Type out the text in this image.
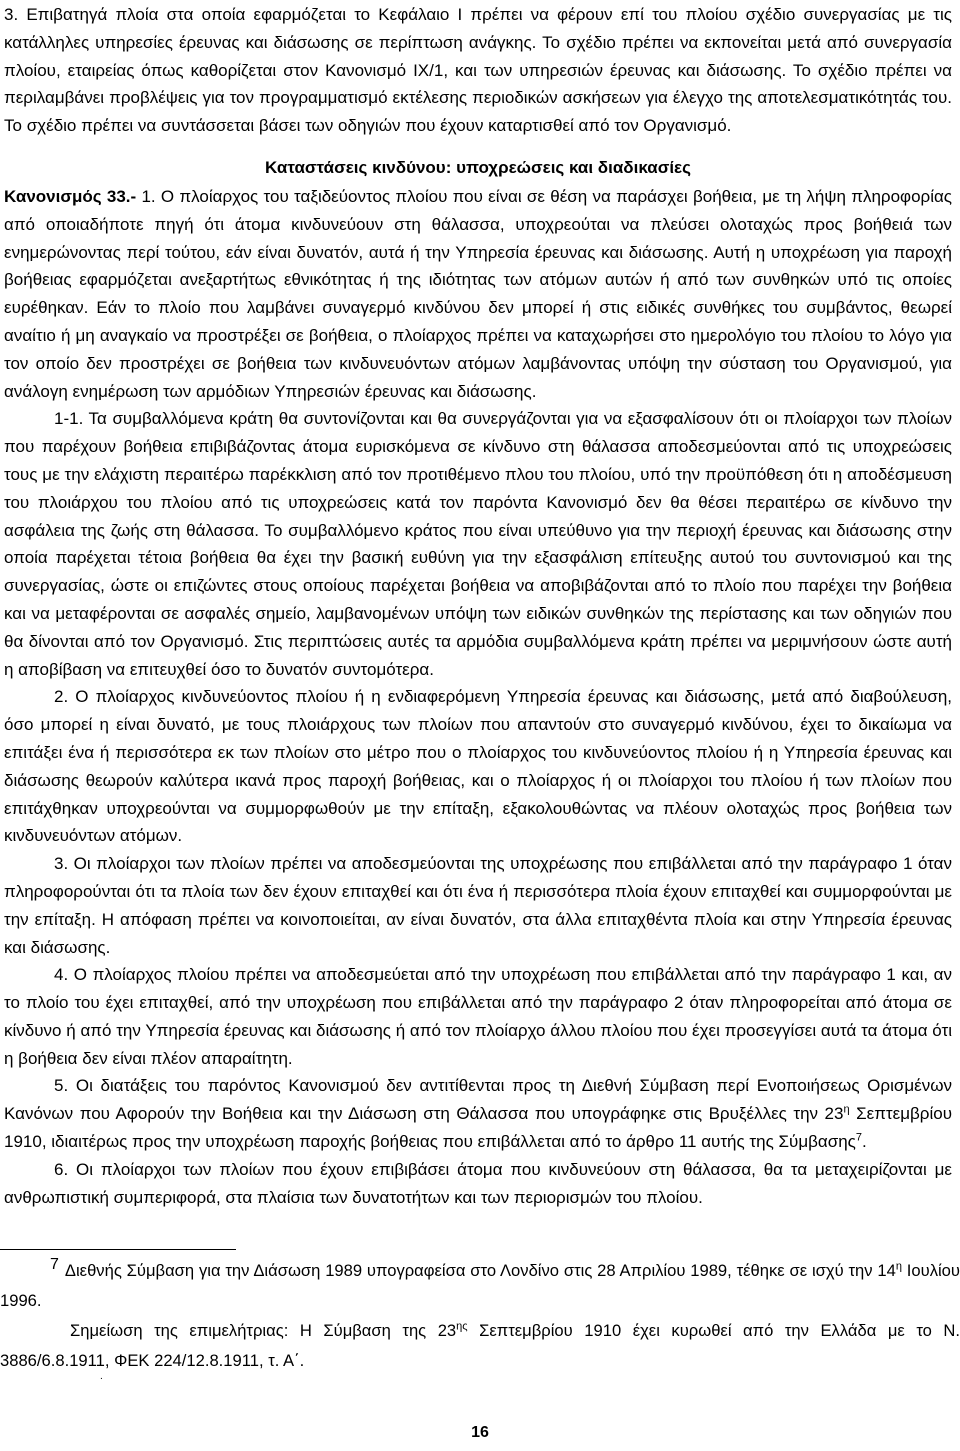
3. Επιβατηγά πλοία στα οποία εφαρμόζεται το Κεφάλαιο I πρέπει να φέρουν επί του πλοίου σχέδιο συνεργασίας με τις κατάλληλες υπηρεσίες έρευνας και διάσωσης σε περίπτωση ανάγκης. Το σχέδιο πρέπει να εκπονείται μετά από συνεργασία πλοίου, εταιρείας όπως καθορίζεται στον Κανονισμό IX/1, και των υπηρεσιών έρευνας και διάσωσης. Το σχέδιο πρέπει να περιλαμβάνει προβλέψεις για τον προγραμματισμό εκτέλεσης περιοδικών ασκήσεων για έλεγχο της αποτελεσματικότητάς του. Το σχέδιο πρέπει να συντάσσεται βάσει των οδηγιών που έχουν καταρτισθεί από τον Οργανισμό.

Καταστάσεις κινδύνου: υποχρεώσεις και διαδικασίες

Κανονισμός 33.- 1. Ο πλοίαρχος του ταξιδεύοντος πλοίου που είναι σε θέση να παράσχει βοήθεια, με τη λήψη πληροφορίας από οποιαδήποτε πηγή ότι άτομα κινδυνεύουν στη θάλασσα, υποχρεούται να πλεύσει ολοταχώς προς βοήθειά των ενημερώνοντας περί τούτου, εάν είναι δυνατόν, αυτά ή την Υπηρεσία έρευνας και διάσωσης. Αυτή η υποχρέωση για παροχή βοήθειας εφαρμόζεται ανεξαρτήτως εθνικότητας ή της ιδιότητας των ατόμων αυτών ή από των συνθηκών υπό τις οποίες ευρέθηκαν. Εάν το πλοίο που λαμβάνει συναγερμό κινδύνου δεν μπορεί ή στις ειδικές συνθήκες του συμβάντος, θεωρεί αναίτιο ή μη αναγκαίο να προστρέξει σε βοήθεια, ο πλοίαρχος πρέπει να καταχωρήσει στο ημερολόγιο του πλοίου το λόγο για τον οποίο δεν προστρέχει σε βοήθεια των κινδυνευόντων ατόμων λαμβάνοντας υπόψη την σύσταση του Οργανισμού, για ανάλογη ενημέρωση των αρμόδιων Υπηρεσιών έρευνας και διάσωσης.

1-1. Τα συμβαλλόμενα κράτη θα συντονίζονται και θα συνεργάζονται για να εξασφαλίσουν ότι οι πλοίαρχοι των πλοίων που παρέχουν βοήθεια επιβιβάζοντας άτομα ευρισκόμενα σε κίνδυνο στη θάλασσα αποδεσμεύονται από τις υποχρεώσεις τους με την ελάχιστη περαιτέρω παρέκκλιση από τον προτιθέμενο πλου του πλοίου, υπό την προϋπόθεση ότι η αποδέσμευση του πλοιάρχου του πλοίου από τις υποχρεώσεις κατά τον παρόντα Κανονισμό δεν θα θέσει περαιτέρω σε κίνδυνο την ασφάλεια της ζωής στη θάλασσα. Το συμβαλλόμενο κράτος που είναι υπεύθυνο για την περιοχή έρευνας και διάσωσης στην οποία παρέχεται τέτοια βοήθεια θα έχει την βασική ευθύνη για την εξασφάλιση επίτευξης αυτού του συντονισμού και της συνεργασίας, ώστε οι επιζώντες στους οποίους παρέχεται βοήθεια να αποβιβάζονται από το πλοίο που παρέχει την βοήθεια και να μεταφέρονται σε ασφαλές σημείο, λαμβανομένων υπόψη των ειδικών συνθηκών της περίστασης και των οδηγιών που θα δίνονται από τον Οργανισμό. Στις περιπτώσεις αυτές τα αρμόδια συμβαλλόμενα κράτη πρέπει να μεριμνήσουν ώστε αυτή η αποβίβαση να επιτευχθεί όσο το δυνατόν συντομότερα.

2. Ο πλοίαρχος κινδυνεύοντος πλοίου ή η ενδιαφερόμενη Υπηρεσία έρευνας και διάσωσης, μετά από διαβούλευση, όσο μπορεί η είναι δυνατό, με τους πλοιάρχους των πλοίων που απαντούν στο συναγερμό κινδύνου, έχει το δικαίωμα να επιτάξει ένα ή περισσότερα εκ των πλοίων στο μέτρο που ο πλοίαρχος του κινδυνεύοντος πλοίου ή η Υπηρεσία έρευνας και διάσωσης θεωρούν καλύτερα ικανά προς παροχή βοήθειας, και ο πλοίαρχος ή οι πλοίαρχοι του πλοίου ή των πλοίων που επιτάχθηκαν υποχρεούνται να συμμορφωθούν με την επίταξη, εξακολουθώντας να πλέουν ολοταχώς προς βοήθεια των κινδυνευόντων ατόμων.

3. Οι πλοίαρχοι των πλοίων πρέπει να αποδεσμεύονται της υποχρέωσης που επιβάλλεται από την παράγραφο 1 όταν πληροφορούνται ότι τα πλοία των δεν έχουν επιταχθεί και ότι ένα ή περισσότερα πλοία έχουν επιταχθεί και συμμορφούνται με την επίταξη. Η απόφαση πρέπει να κοινοποιείται, αν είναι δυνατόν, στα άλλα επιταχθέντα πλοία και στην Υπηρεσία έρευνας και διάσωσης.

4. Ο πλοίαρχος πλοίου πρέπει να αποδεσμεύεται από την υποχρέωση που επιβάλλεται από την παράγραφο 1 και, αν το πλοίο του έχει επιταχθεί, από την υποχρέωση που επιβάλλεται από την παράγραφο 2 όταν πληροφορείται από άτομα σε κίνδυνο ή από την Υπηρεσία έρευνας και διάσωσης ή από τον πλοίαρχο άλλου πλοίου που έχει προσεγγίσει αυτά τα άτομα ότι η βοήθεια δεν είναι πλέον απαραίτητη.

5. Οι διατάξεις του παρόντος Κανονισμού δεν αντιτίθενται προς τη Διεθνή Σύμβαση περί Ενοποιήσεως Ορισμένων Κανόνων που Αφορούν την Βοήθεια και την Διάσωση στη Θάλασσα που υπογράφηκε στις Βρυξέλλες την $23^\eta$ Σεπτεμβρίου 1910, ιδιαιτέρως προς την υποχρέωση παροχής βοήθειας που επιβάλλεται από το άρθρο 11 αυτής της Σύμβασης$^7$.

6. Οι πλοίαρχοι των πλοίων που έχουν επιβιβάσει άτομα που κινδυνεύουν στη θάλασσα, θα τα μεταχειρίζονται με ανθρωπιστική συμπεριφορά, στα πλαίσια των δυνατοτήτων και των περιορισμών του πλοίου.

7 Διεθνής Σύμβαση για την Διάσωση 1989 υπογραφείσα στο Λονδίνο στις 28 Απριλίου 1989, τέθηκε σε ισχύ την $14^\eta$ Ιουλίου 1996.

Σημείωση της επιμελήτριας: Η Σύμβαση της $23^{\eta\varsigma}$ Σεπτεμβρίου 1910 έχει κυρωθεί από την Ελλάδα με το Ν. 3886/6.8.1911, ΦΕΚ 224/12.8.1911, τ. Α΄.

.
16
